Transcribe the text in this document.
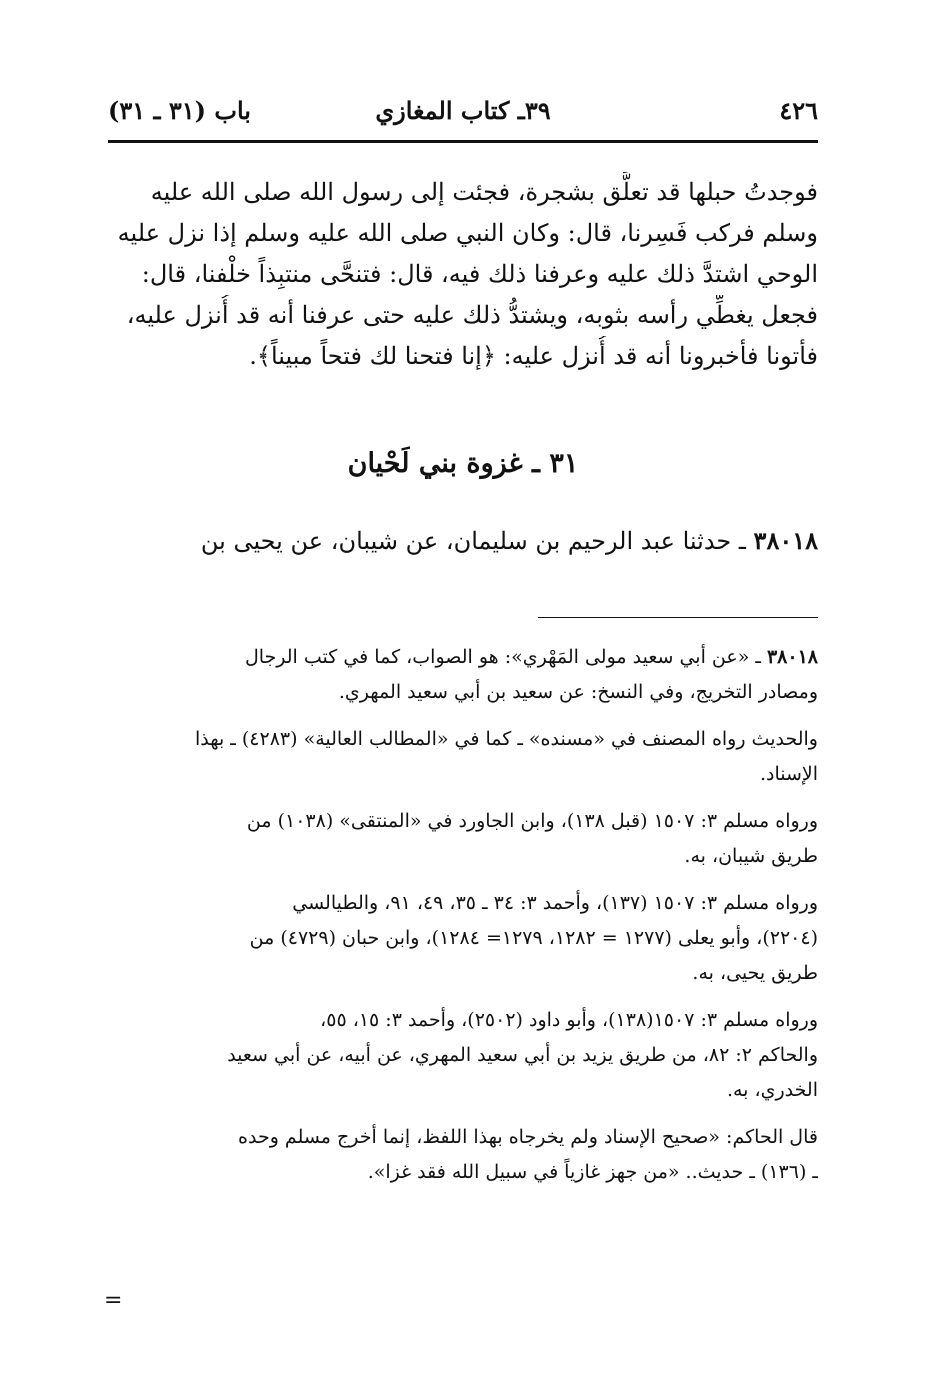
٤٢٦
٣٩ـ كتاب المغازي
باب (٣١ ـ ٣١)
فوجدتُ حبلها قد تعلَّق بشجرة، فجئت إلى رسول الله صلى الله عليه
وسلم فركب فَسِرنا، قال: وكان النبي صلى الله عليه وسلم إذا نزل عليه
الوحي اشتدَّ ذلك عليه وعرفنا ذلك فيه، قال: فتنحَّى منتبِذاً خلْفنا، قال:
فجعل يغطِّي رأسه بثوبه، ويشتدُّ ذلك عليه حتى عرفنا أنه قد أُنزل عليه،
فأتونا فأخبرونا أنه قد أُنزل عليه: ﴿إنا فتحنا لك فتحاً مبيناً﴾.
٣١ ـ غزوة بني لَحْيان
٣٨٠١٨ ـ حدثنا عبد الرحيم بن سليمان، عن شيبان، عن يحيى بن
٣٨٠١٨ ـ «عن أبي سعيد مولى المَهْري»: هو الصواب، كما في كتب الرجال
ومصادر التخريج، وفي النسخ: عن سعيد بن أبي سعيد المهري.
والحديث رواه المصنف في «مسنده» ـ كما في «المطالب العالية» (٤٢٨٣) ـ بهذا
الإسناد.
ورواه مسلم ٣: ١٥٠٧ (قبل ١٣٨)، وابن الجاورد في «المنتقى» (١٠٣٨) من
طريق شيبان، به.
ورواه مسلم ٣: ١٥٠٧ (١٣٧)، وأحمد ٣: ٣٤ ـ ٣٥، ٤٩، ٩١، والطيالسي
(٢٢٠٤)، وأبو يعلى (١٢٧٧ = ١٢٨٢، ١٢٧٩= ١٢٨٤)، وابن حبان (٤٧٢٩) من
طريق يحيى، به.
ورواه مسلم ٣: ١٥٠٧(١٣٨)، وأبو داود (٢٥٠٢)، وأحمد ٣: ١٥، ٥٥،
والحاكم ٢: ٨٢، من طريق يزيد بن أبي سعيد المهري، عن أبيه، عن أبي سعيد
الخدري، به.
قال الحاكم: «صحيح الإسناد ولم يخرجاه بهذا اللفظ، إنما أخرج مسلم وحده
ـ (١٣٦) ـ حديث.. «من جهز غازياً في سبيل الله فقد غزا».
=
